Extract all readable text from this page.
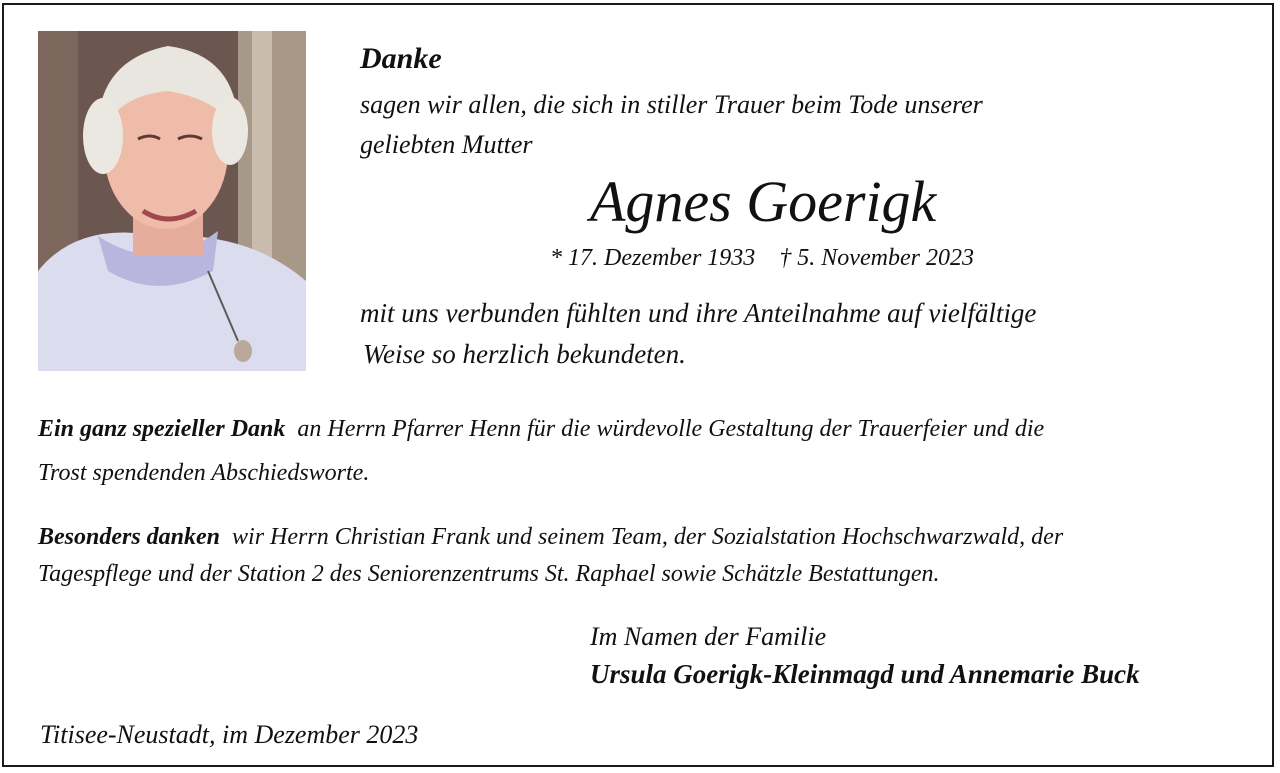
Danke

sagen wir allen, die sich in stiller Trauer beim Tode unserer

geliebten Mutter

Agnes Goerigk

* 17. Dezember 1933    † 5. November 2023

mit uns verbunden fühlten und ihre Anteilnahme auf vielfältige

Weise so herzlich bekundeten.

Ein ganz spezieller Dank an Herrn Pfarrer Henn für die würdevolle Gestaltung der Trauerfeier und die

Trost spendenden Abschiedsworte.

Besonders danken wir Herrn Christian Frank und seinem Team, der Sozialstation Hochschwarzwald, der

Tagespflege und der Station 2 des Seniorenzentrums St. Raphael sowie Schätzle Bestattungen.

Im Namen der Familie

Ursula Goerigk-Kleinmagd und Annemarie Buck

Titisee-Neustadt, im Dezember 2023
